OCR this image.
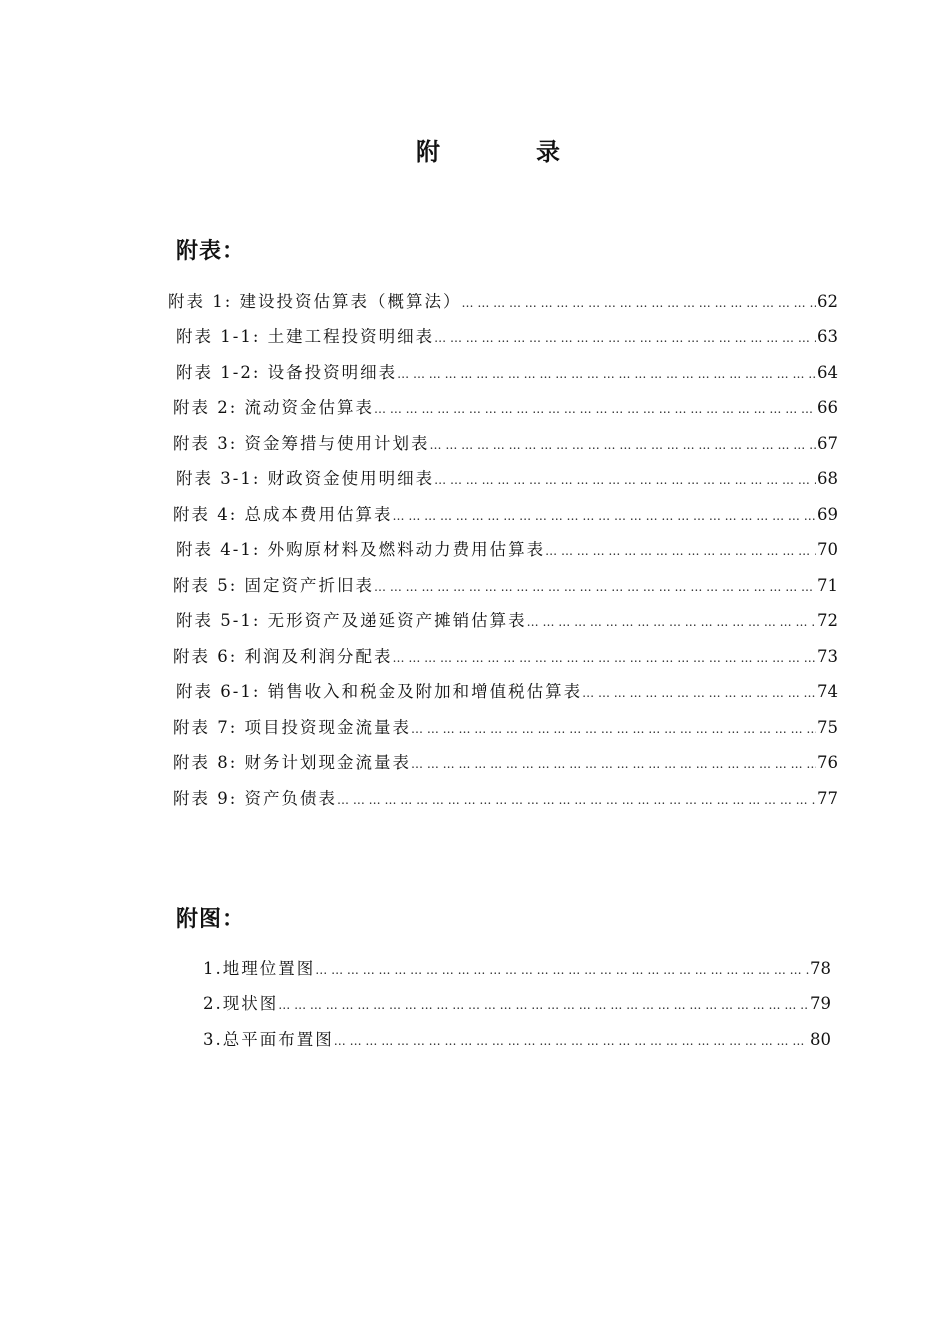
附　录
附表：
附表 1: 建设投资估算表（概算法） … … … … … … … … … … … … … … … … … … … … … … … … … … … … … … … … … … … … … … … … … … … … … … … … … … … … … … … … … … … … … … … … … … … … … … … … … … … …	62
附表 1-1: 土建工程投资明细表 … … … … … … … … … … … … … … … … … … … … … … … … … … … … … … … … … … … … … … … … … … … … … … … … … … … … … … … … … … … … … … … … … … … … … … … … … … … …	63
附表 1-2: 设备投资明细表 … … … … … … … … … … … … … … … … … … … … … … … … … … … … … … … … … … … … … … … … … … … … … … … … … … … … … … … … … … … … … … … … … … … … … … … … … … … …	64
附表 2: 流动资金估算表 … … … … … … … … … … … … … … … … … … … … … … … … … … … … … … … … … … … … … … … … … … … … … … … … … … … … … … … … … … … … … … … … … … … … … … … … … … … …	66
附表 3: 资金筹措与使用计划表 … … … … … … … … … … … … … … … … … … … … … … … … … … … … … … … … … … … … … … … … … … … … … … … … … … … … … … … … … … … … … … … … … … … … … … … … … … … …	67
附表 3-1: 财政资金使用明细表 … … … … … … … … … … … … … … … … … … … … … … … … … … … … … … … … … … … … … … … … … … … … … … … … … … … … … … … … … … … … … … … … … … … … … … … … … … … …	68
附表 4: 总成本费用估算表 … … … … … … … … … … … … … … … … … … … … … … … … … … … … … … … … … … … … … … … … … … … … … … … … … … … … … … … … … … … … … … … … … … … … … … … … … … … …	69
附表 4-1: 外购原材料及燃料动力费用估算表 … … … … … … … … … … … … … … … … … … … … … … … … … … … … … … … … … … … … … … … … … … … … … … … … … … … … … … … … … … … … … … … … … … … … … … … … … … … …	70
附表 5: 固定资产折旧表 … … … … … … … … … … … … … … … … … … … … … … … … … … … … … … … … … … … … … … … … … … … … … … … … … … … … … … … … … … … … … … … … … … … … … … … … … … … …	71
附表 5-1: 无形资产及递延资产摊销估算表 … … … … … … … … … … … … … … … … … … … … … … … … … … … … … … … … … … … … … … … … … … … … … … … … … … … … … … … … … … … … … … … … … … … … … … … … … … … …	72
附表 6: 利润及利润分配表 … … … … … … … … … … … … … … … … … … … … … … … … … … … … … … … … … … … … … … … … … … … … … … … … … … … … … … … … … … … … … … … … … … … … … … … … … … … …	73
附表 6-1: 销售收入和税金及附加和增值税估算表 … … … … … … … … … … … … … … … … … … … … … … … … … … … … … … … … … … … … … … … … … … … … … … … … … … … … … … … … … … … … … … … … … … … … … … … … … … … …	74
附表 7: 项目投资现金流量表 … … … … … … … … … … … … … … … … … … … … … … … … … … … … … … … … … … … … … … … … … … … … … … … … … … … … … … … … … … … … … … … … … … … … … … … … … … … …	75
附表 8: 财务计划现金流量表 … … … … … … … … … … … … … … … … … … … … … … … … … … … … … … … … … … … … … … … … … … … … … … … … … … … … … … … … … … … … … … … … … … … … … … … … … … … …	76
附表 9: 资产负债表 … … … … … … … … … … … … … … … … … … … … … … … … … … … … … … … … … … … … … … … … … … … … … … … … … … … … … … … … … … … … … … … … … … … … … … … … … … … …	77
附图：
1.地理位置图 … … … … … … … … … … … … … … … … … … … … … … … … … … … … … … … … … … … … … … … … … … … … … … … … … … … … … … … … … … … … … … … … … … … … … … … … … … … …	78
2.现状图 … … … … … … … … … … … … … … … … … … … … … … … … … … … … … … … … … … … … … … … … … … … … … … … … … … … … … … … … … … … … … … … … … … … … … … … … … … … …	79
3.总平面布置图 … … … … … … … … … … … … … … … … … … … … … … … … … … … … … … … … … … … … … … … … … … … … … … … … … … … … … … … … … … … … … … … … … … … … … … … … … … … …	80
